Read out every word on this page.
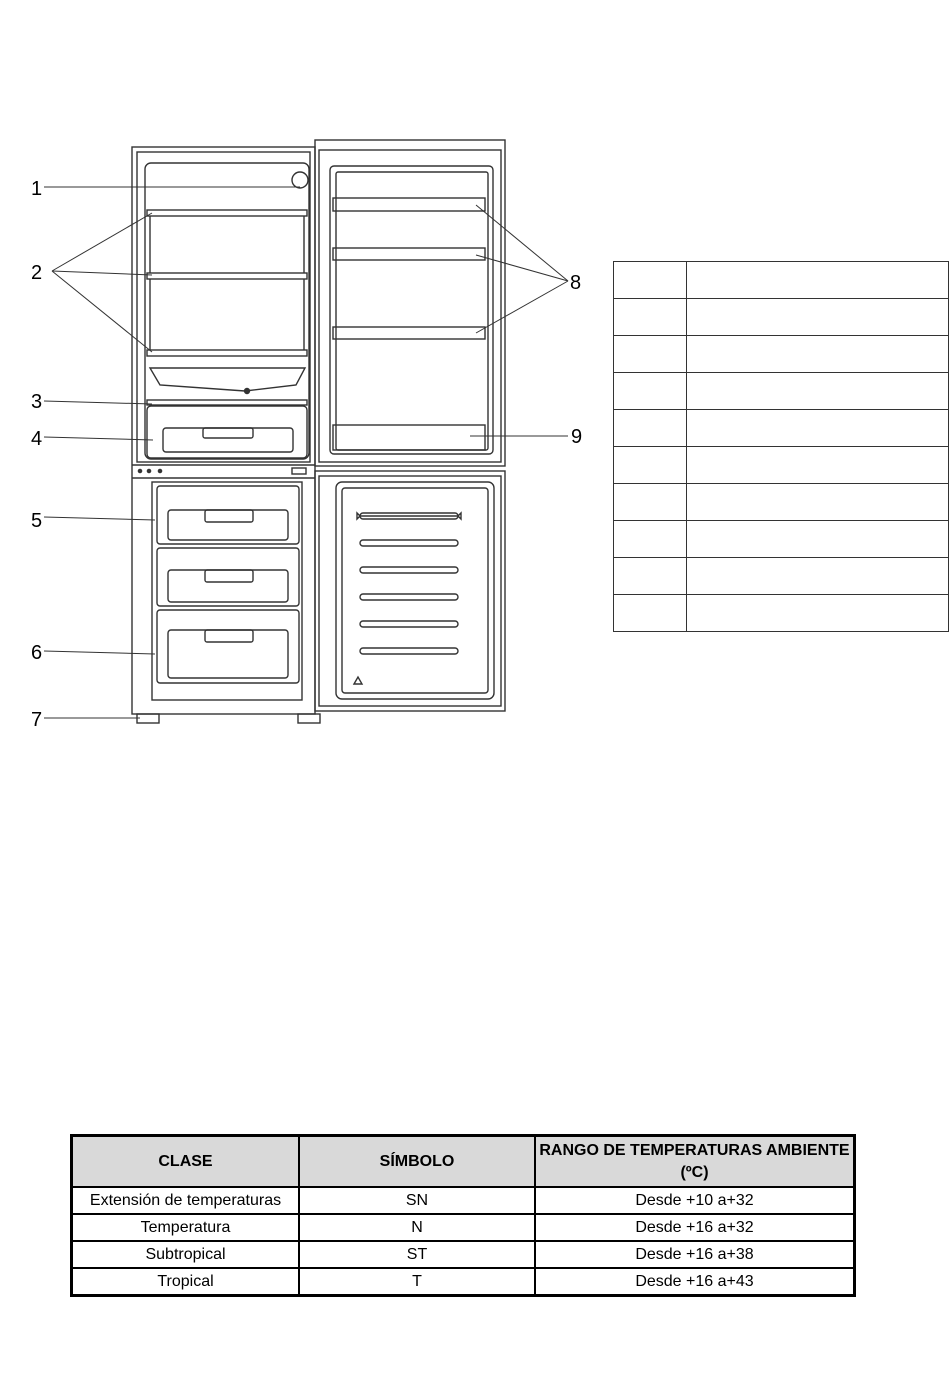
1
2
3
4
5
6
7
8
9

CLASE	SÍMBOLO	RANGO DE TEMPERATURAS AMBIENTE (ºC)
Extensión de temperaturas	SN	Desde +10 a+32
Temperatura	N	Desde +16 a+32
Subtropical	ST	Desde +16 a+38
Tropical	T	Desde +16 a+43
